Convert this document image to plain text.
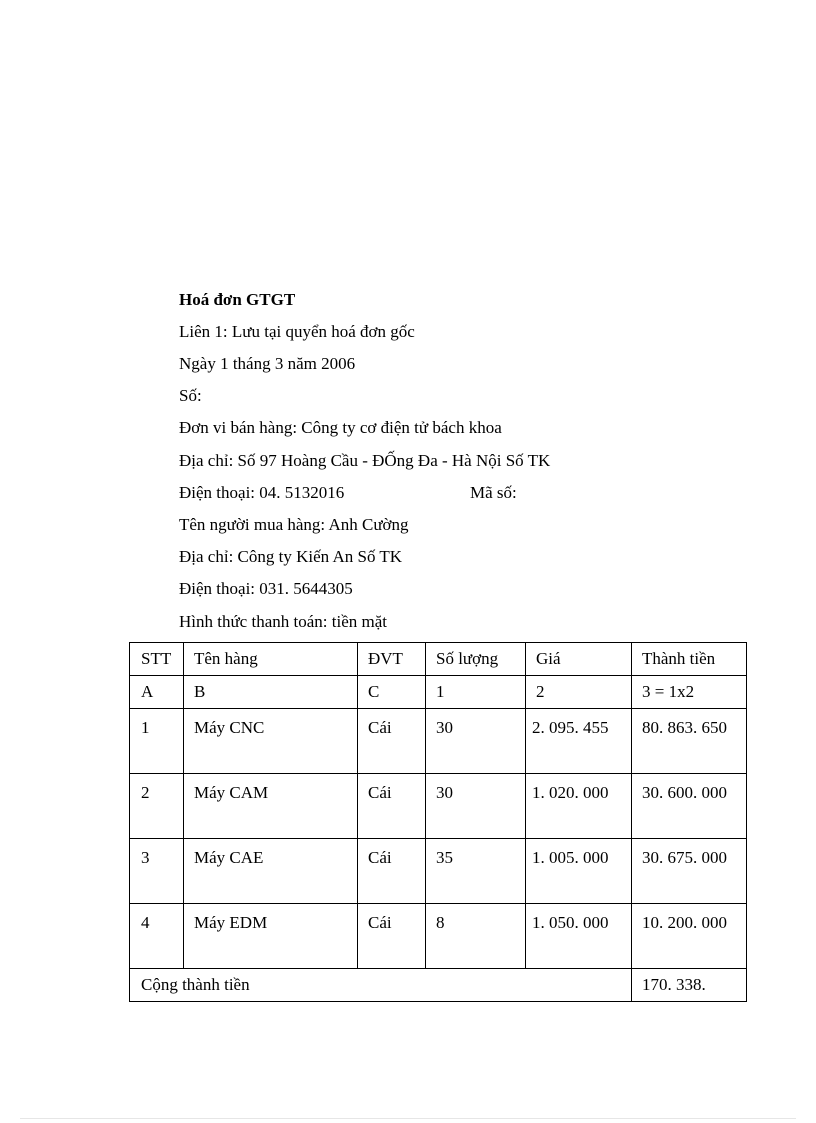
Hoá đơn GTGT
Liên 1: Lưu tại quyển hoá đơn gốc
Ngày 1 tháng 3 năm 2006
Số:
Đơn vi bán hàng: Công ty cơ điện tử bách khoa
Địa chỉ: Số 97 Hoàng Cầu - ĐỐng Đa - Hà Nội Số TK
Điện thoại: 04. 5132016	Mã số:
Tên người mua hàng: Anh Cường
Địa chỉ: Công ty Kiến An Số TK
Điện thoại: 031. 5644305
Hình thức thanh toán: tiền mặt
STT	Tên hàng	ĐVT	Số lượng	Giá	Thành tiền
A	B	C	1	2	3 = 1x2
1	Máy CNC	Cái	30	2. 095. 455	80. 863. 650
2	Máy CAM	Cái	30	1. 020. 000	30. 600. 000
3	Máy CAE	Cái	35	1. 005. 000	30. 675. 000
4	Máy EDM	Cái	8	1. 050. 000	10. 200. 000
Cộng thành tiền					170. 338.
